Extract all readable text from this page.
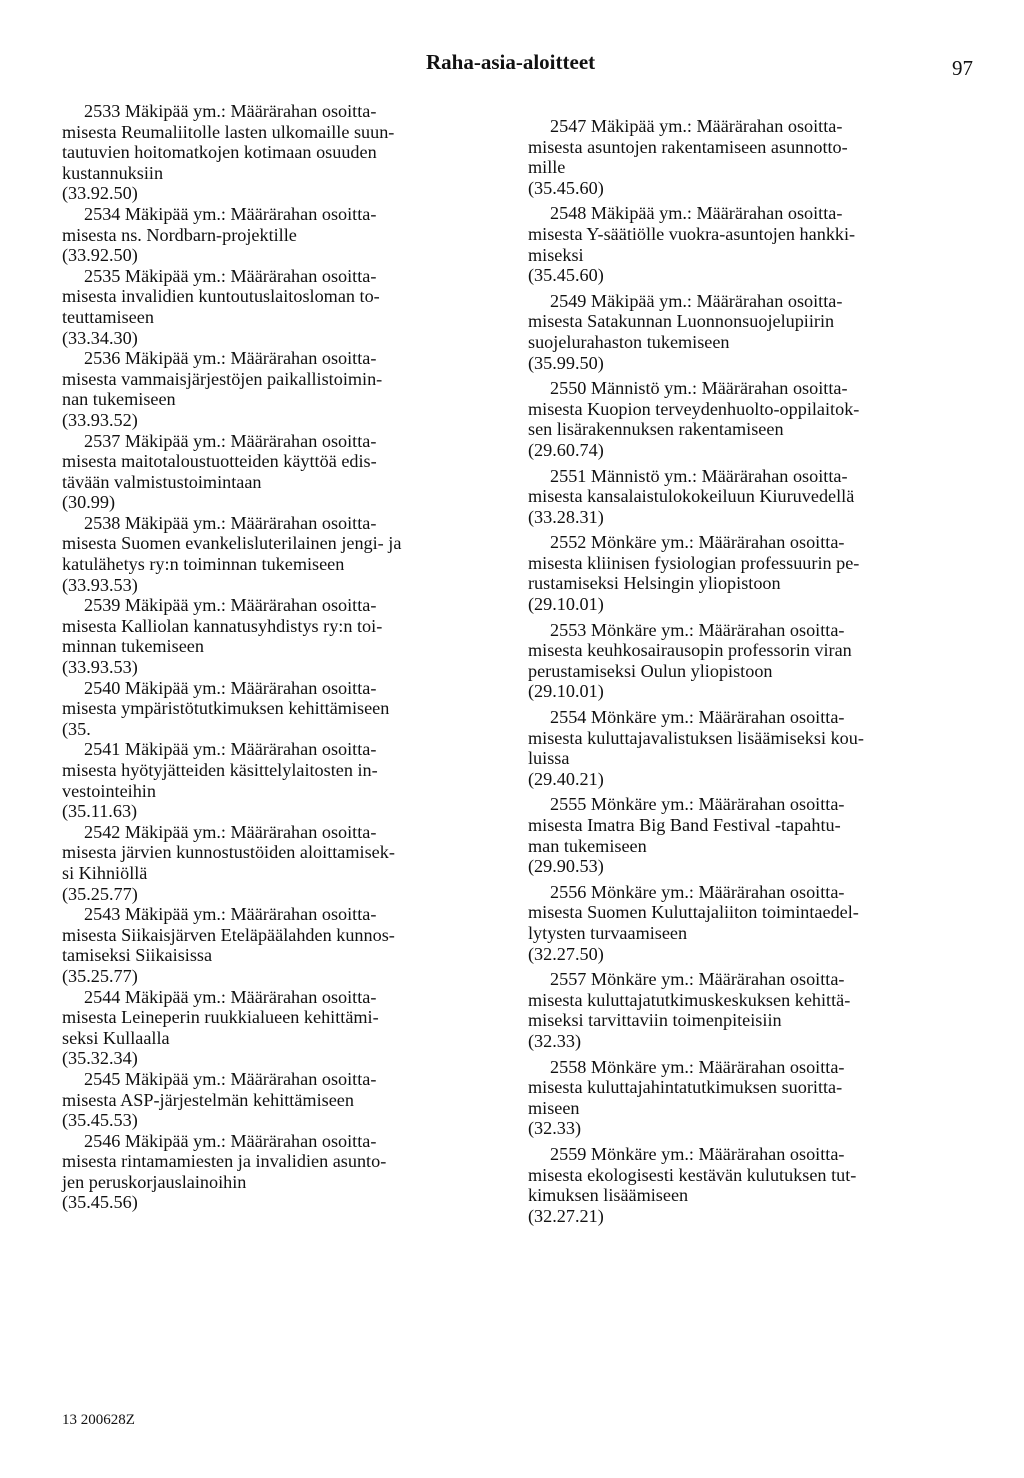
Raha-asia-aloitteet	97
2533 Mäkipää ym.: Määrärahan osoitta-
misesta Reumaliitolle lasten ulkomaille suun-
tautuvien hoitomatkojen kotimaan osuuden
kustannuksiin
(33.92.50)
2534 Mäkipää ym.: Määrärahan osoitta-
misesta ns. Nordbarn-projektille
(33.92.50)
2535 Mäkipää ym.: Määrärahan osoitta-
misesta invalidien kuntoutuslaitosloman to-
teuttamiseen
(33.34.30)
2536 Mäkipää ym.: Määrärahan osoitta-
misesta vammaisjärjestöjen paikallistoimin-
nan tukemiseen
(33.93.52)
2537 Mäkipää ym.: Määrärahan osoitta-
misesta maitotaloustuotteiden käyttöä edis-
tävään valmistustoimintaan
(30.99)
2538 Mäkipää ym.: Määrärahan osoitta-
misesta Suomen evankelisluterilainen jengi- ja
katulähetys ry:n toiminnan tukemiseen
(33.93.53)
2539 Mäkipää ym.: Määrärahan osoitta-
misesta Kalliolan kannatusyhdistys ry:n toi-
minnan tukemiseen
(33.93.53)
2540 Mäkipää ym.: Määrärahan osoitta-
misesta ympäristötutkimuksen kehittämiseen
(35.
2541 Mäkipää ym.: Määrärahan osoitta-
misesta hyötyjätteiden käsittelylaitosten in-
vestointeihin
(35.11.63)
2542 Mäkipää ym.: Määrärahan osoitta-
misesta järvien kunnostustöiden aloittamisek-
si Kihniöllä
(35.25.77)
2543 Mäkipää ym.: Määrärahan osoitta-
misesta Siikaisjärven Eteläpäälahden kunnos-
tamiseksi Siikaisissa
(35.25.77)
2544 Mäkipää ym.: Määrärahan osoitta-
misesta Leineperin ruukkialueen kehittämi-
seksi Kullaalla
(35.32.34)
2545 Mäkipää ym.: Määrärahan osoitta-
misesta ASP-järjestelmän kehittämiseen
(35.45.53)
2546 Mäkipää ym.: Määrärahan osoitta-
misesta rintamamiesten ja invalidien asunto-
jen peruskorjauslainoihin
(35.45.56)
2547 Mäkipää ym.: Määrärahan osoitta-
misesta asuntojen rakentamiseen asunnotto-
mille
(35.45.60)
2548 Mäkipää ym.: Määrärahan osoitta-
misesta Y-säätiölle vuokra-asuntojen hankki-
miseksi
(35.45.60)
2549 Mäkipää ym.: Määrärahan osoitta-
misesta Satakunnan Luonnonsuojelupiirin
suojelurahaston tukemiseen
(35.99.50)
2550 Männistö ym.: Määrärahan osoitta-
misesta Kuopion terveydenhuolto-oppilaitok-
sen lisärakennuksen rakentamiseen
(29.60.74)
2551 Männistö ym.: Määrärahan osoitta-
misesta kansalaistulokokeiluun Kiuruvedellä
(33.28.31)
2552 Mönkäre ym.: Määrärahan osoitta-
misesta kliinisen fysiologian professuurin pe-
rustamiseksi Helsingin yliopistoon
(29.10.01)
2553 Mönkäre ym.: Määrärahan osoitta-
misesta keuhkosairausopin professorin viran
perustamiseksi Oulun yliopistoon
(29.10.01)
2554 Mönkäre ym.: Määrärahan osoitta-
misesta kuluttajavalistuksen lisäämiseksi kou-
luissa
(29.40.21)
2555 Mönkäre ym.: Määrärahan osoitta-
misesta Imatra Big Band Festival -tapahtu-
man tukemiseen
(29.90.53)
2556 Mönkäre ym.: Määrärahan osoitta-
misesta Suomen Kuluttajaliiton toimintaedel-
lytysten turvaamiseen
(32.27.50)
2557 Mönkäre ym.: Määrärahan osoitta-
misesta kuluttajatutkimuskeskuksen kehittä-
miseksi tarvittaviin toimenpiteisiin
(32.33)
2558 Mönkäre ym.: Määrärahan osoitta-
misesta kuluttajahintatutkimuksen suoritta-
miseen
(32.33)
2559 Mönkäre ym.: Määrärahan osoitta-
misesta ekologisesti kestävän kulutuksen tut-
kimuksen lisäämiseen
(32.27.21)
13 200628Z
